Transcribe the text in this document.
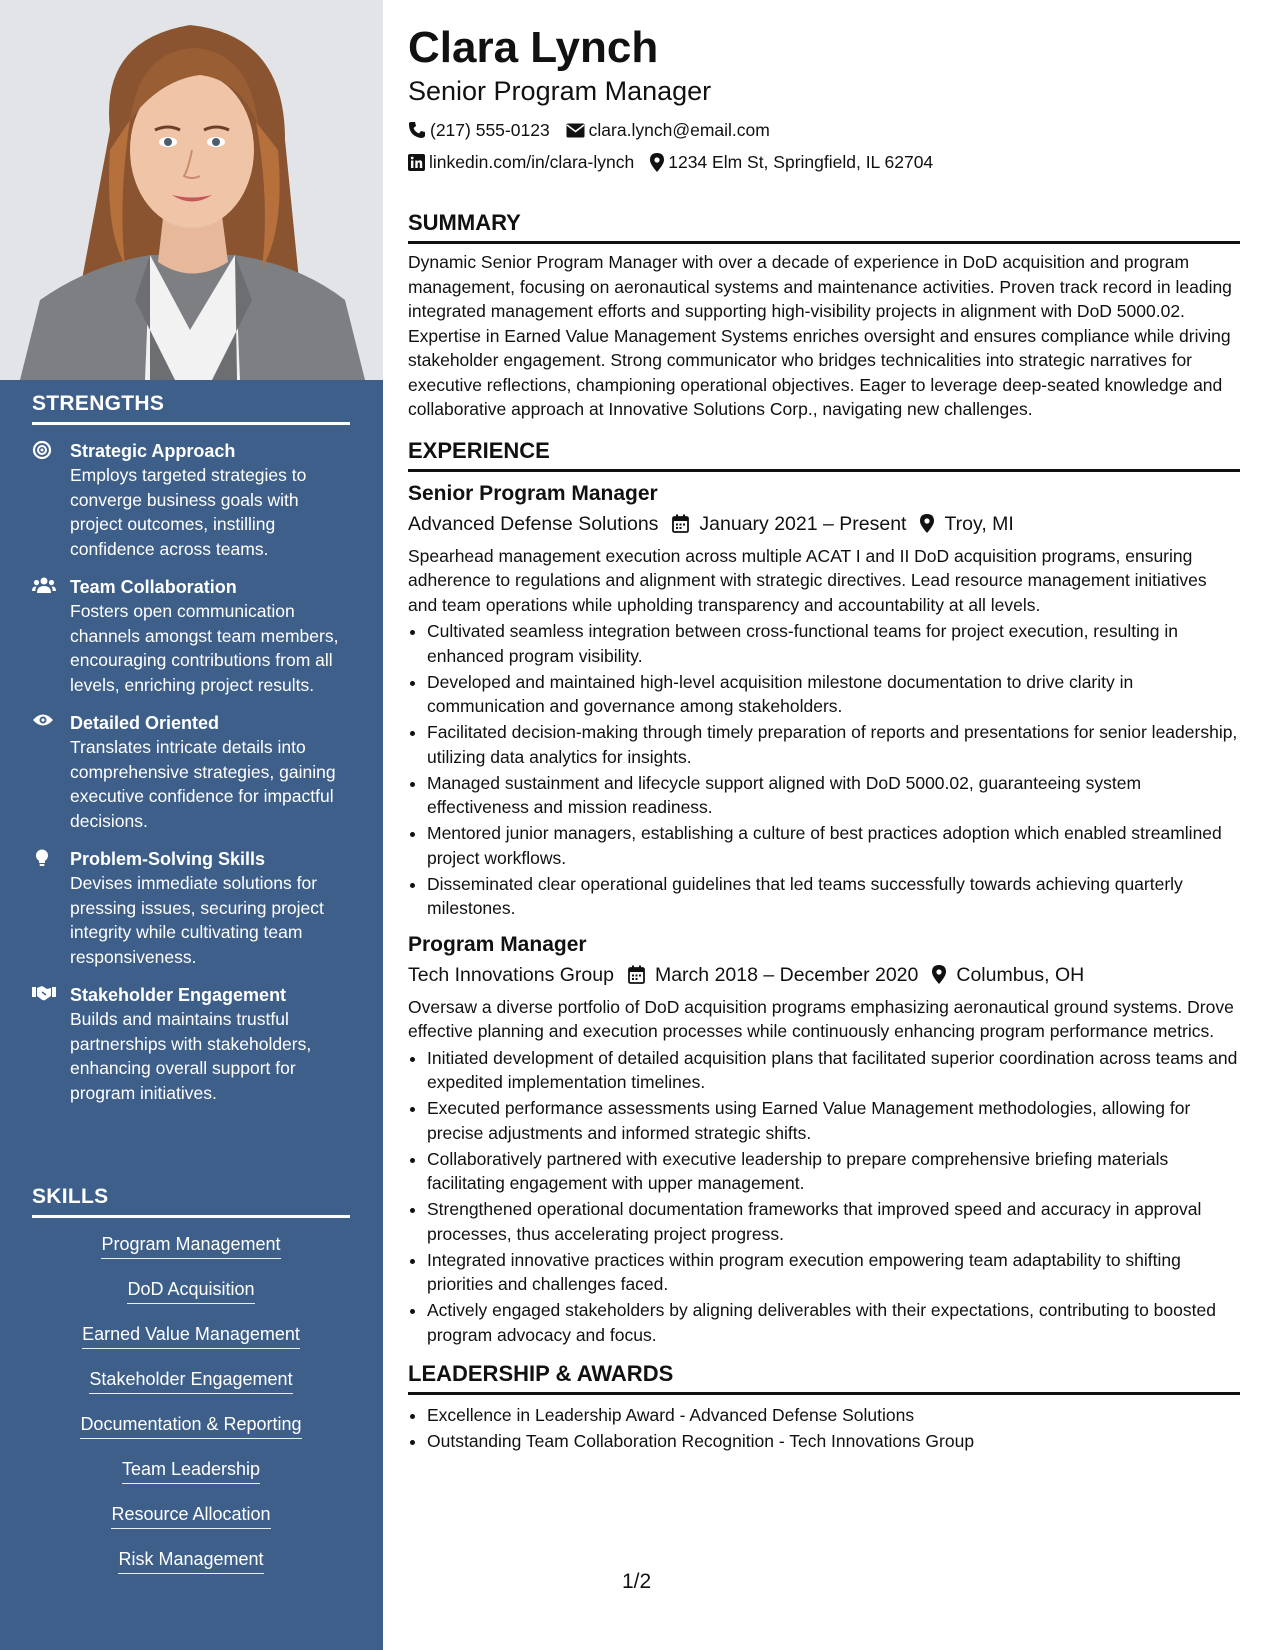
STRENGTHS
Strategic Approach
Employs targeted strategies to converge business goals with project outcomes, instilling confidence across teams.
Team Collaboration
Fosters open communication channels amongst team members, encouraging contributions from all levels, enriching project results.
Detailed Oriented
Translates intricate details into comprehensive strategies, gaining executive confidence for impactful decisions.
Problem-Solving Skills
Devises immediate solutions for pressing issues, securing project integrity while cultivating team responsiveness.
Stakeholder Engagement
Builds and maintains trustful partnerships with stakeholders, enhancing overall support for program initiatives.
SKILLS
Program Management
DoD Acquisition
Earned Value Management
Stakeholder Engagement
Documentation & Reporting
Team Leadership
Resource Allocation
Risk Management
Clara Lynch
Senior Program Manager
(217) 555-0123 clara.lynch@email.com
linkedin.com/in/clara-lynch 1234 Elm St, Springfield, IL 62704
SUMMARY

Dynamic Senior Program Manager with over a decade of experience in DoD acquisition and program management, focusing on aeronautical systems and maintenance activities. Proven track record in leading integrated management efforts and supporting high-visibility projects in alignment with DoD 5000.02. Expertise in Earned Value Management Systems enriches oversight and ensures compliance while driving stakeholder engagement. Strong communicator who bridges technicalities into strategic narratives for executive reflections, championing operational objectives. Eager to leverage deep-seated knowledge and collaborative approach at Innovative Solutions Corp., navigating new challenges.

EXPERIENCE
Senior Program Manager
Advanced Defense Solutions January 2021 – Present Troy, MI

Spearhead management execution across multiple ACAT I and II DoD acquisition programs, ensuring adherence to regulations and alignment with strategic directives. Lead resource management initiatives and team operations while upholding transparency and accountability at all levels.

• Cultivated seamless integration between cross-functional teams for project execution, resulting in enhanced program visibility.
• Developed and maintained high-level acquisition milestone documentation to drive clarity in communication and governance among stakeholders.
• Facilitated decision-making through timely preparation of reports and presentations for senior leadership, utilizing data analytics for insights.
• Managed sustainment and lifecycle support aligned with DoD 5000.02, guaranteeing system effectiveness and mission readiness.
• Mentored junior managers, establishing a culture of best practices adoption which enabled streamlined project workflows.
• Disseminated clear operational guidelines that led teams successfully towards achieving quarterly milestones.
Program Manager
Tech Innovations Group March 2018 – December 2020 Columbus, OH

Oversaw a diverse portfolio of DoD acquisition programs emphasizing aeronautical ground systems. Drove effective planning and execution processes while continuously enhancing program performance metrics.

• Initiated development of detailed acquisition plans that facilitated superior coordination across teams and expedited implementation timelines.
• Executed performance assessments using Earned Value Management methodologies, allowing for precise adjustments and informed strategic shifts.
• Collaboratively partnered with executive leadership to prepare comprehensive briefing materials facilitating engagement with upper management.
• Strengthened operational documentation frameworks that improved speed and accuracy in approval processes, thus accelerating project progress.
• Integrated innovative practices within program execution empowering team adaptability to shifting priorities and challenges faced.
• Actively engaged stakeholders by aligning deliverables with their expectations, contributing to boosted program advocacy and focus.
LEADERSHIP & AWARDS
• Excellence in Leadership Award - Advanced Defense Solutions
• Outstanding Team Collaboration Recognition - Tech Innovations Group
1/2
